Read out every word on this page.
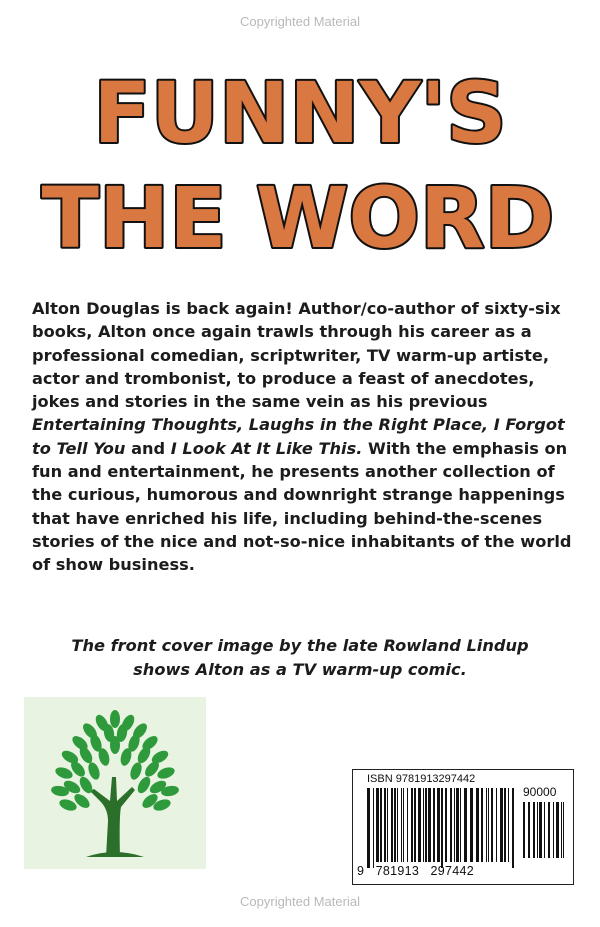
Copyrighted Material
FUNNY'S
THE WORD

Alton Douglas is back again! Author/co-author of sixty-six books, Alton once again trawls through his career as a professional comedian, scriptwriter, TV warm-up artiste, actor and trombonist, to produce a feast of anecdotes, jokes and stories in the same vein as his previous Entertaining Thoughts, Laughs in the Right Place, I Forgot to Tell You and I Look At It Like This. With the emphasis on fun and entertainment, he presents another collection of the curious, humorous and downright strange happenings that have enriched his life, including behind-the-scenes stories of the nice and not-so-nice inhabitants of the world of show business.

The front cover image by the late Rowland Lindup
shows Alton as a TV warm-up comic.
ISBN 9781913297442
90000
9 781913 297442
Copyrighted Material
